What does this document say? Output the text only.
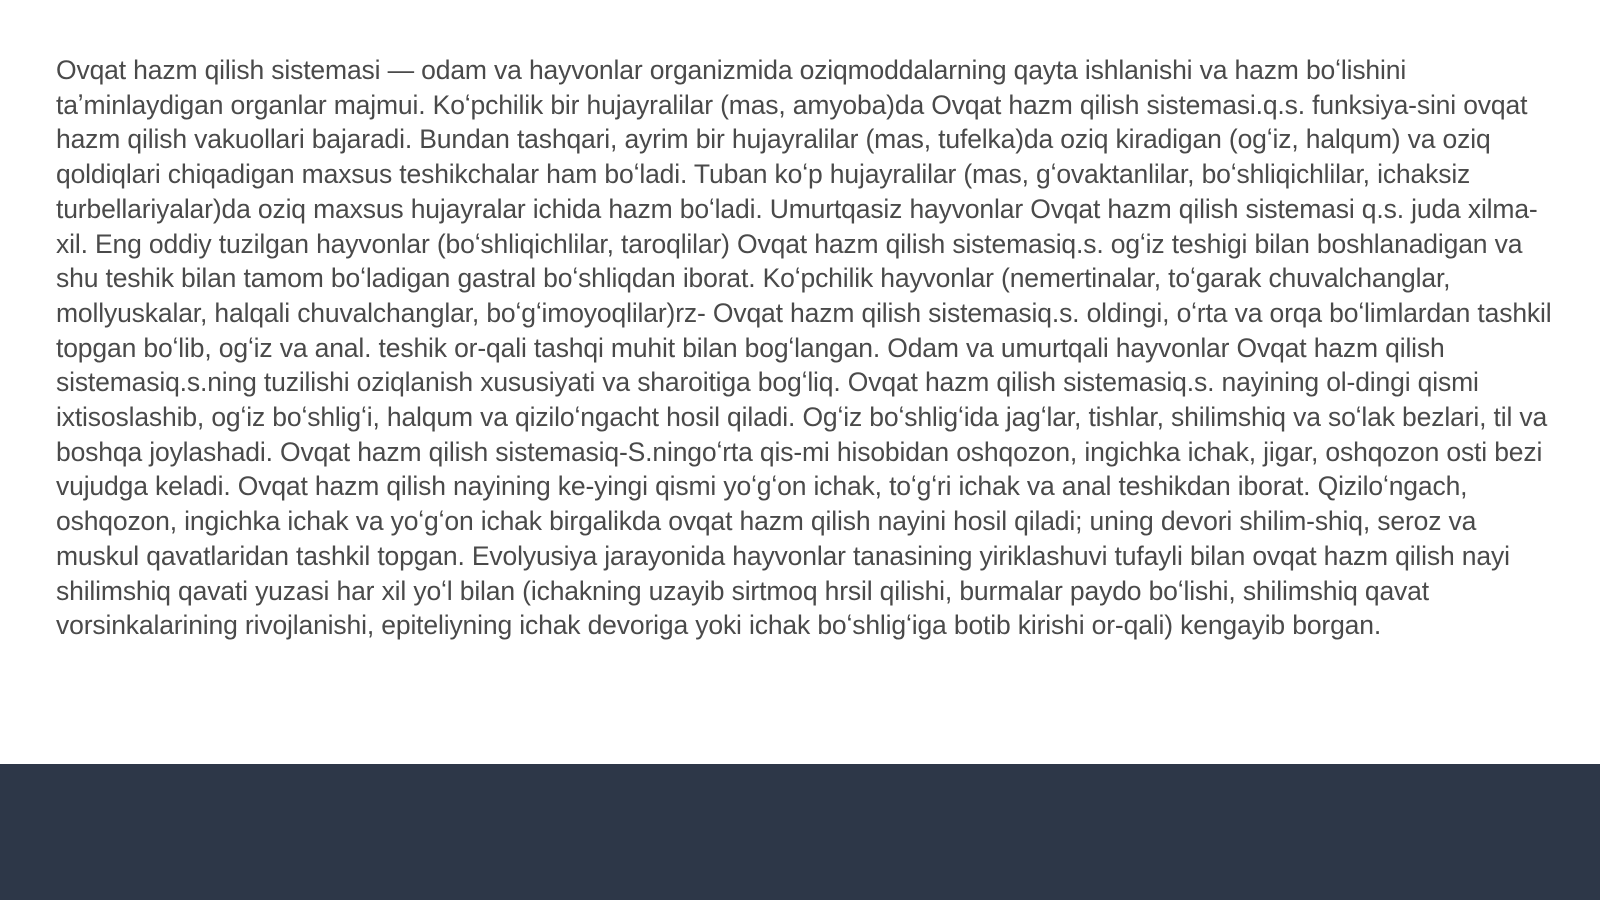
Ovqat hazm qilish sistemasi — odam va hayvonlar organizmida oziqmoddalarning qayta ishlanishi va hazm boʻlishini taʼminlaydigan organlar majmui. Koʻpchilik bir hujayralilar (mas, amyoba)da Ovqat hazm qilish sistemasi.q.s. funksiya-sini ovqat hazm qilish vakuollari bajaradi. Bundan tashqari, ayrim bir hujayralilar (mas, tufelka)da oziq kiradigan (ogʻiz, halqum) va oziq qoldiqlari chiqadigan maxsus teshikchalar ham boʻladi. Tuban koʻp hujayralilar (mas, gʻovaktanlilar, boʻshliqichlilar, ichaksiz turbellariyalar)da oziq maxsus hujayralar ichida hazm boʻladi. Umurtqasiz hayvonlar Ovqat hazm qilish sistemasi q.s. juda xilma-xil. Eng oddiy tuzilgan hayvonlar (boʻshliqichlilar, taroqlilar) Ovqat hazm qilish sistemasiq.s. ogʻiz teshigi bilan boshlanadigan va shu teshik bilan tamom boʻladigan gastral boʻshliqdan iborat. Koʻpchilik hayvonlar (nemertinalar, toʻgarak chuvalchanglar, mollyuskalar, halqali chuvalchanglar, boʻgʻimoyoqlilar)rz- Ovqat hazm qilish sistemasiq.s. oldingi, oʻrta va orqa boʻlimlardan tashkil topgan boʻlib, ogʻiz va anal. teshik or-qali tashqi muhit bilan bogʻlangan. Odam va umurtqali hayvonlar Ovqat hazm qilish sistemasiq.s.ning tuzilishi oziqlanish xususiyati va sharoitiga bogʻliq. Ovqat hazm qilish sistemasiq.s. nayining ol-dingi qismi ixtisoslashib, ogʻiz boʻshligʻi, halqum va qiziloʻngacht hosil qiladi. Ogʻiz boʻshligʻida jagʻlar, tishlar, shilimshiq va soʻlak bezlari, til va boshqa joylashadi. Ovqat hazm qilish sistemasiq-S.ningoʻrta qis-mi hisobidan oshqozon, ingichka ichak, jigar, oshqozon osti bezi vujudga keladi. Ovqat hazm qilish nayining ke-yingi qismi yoʻgʻon ichak, toʻgʻri ichak va anal teshikdan iborat. Qiziloʻngach, oshqozon, ingichka ichak va yoʻgʻon ichak birgalikda ovqat hazm qilish nayini hosil qiladi; uning devori shilim-shiq, seroz va muskul qavatlaridan tashkil topgan. Evolyusiya jarayonida hayvonlar tanasining yiriklashuvi tufayli bilan ovqat hazm qilish nayi shilimshiq qavati yuzasi har xil yoʻl bilan (ichakning uzayib sirtmoq hrsil qilishi, burmalar paydo boʻlishi, shilimshiq qavat vorsinkalarining rivojlanishi, epiteliyning ichak devoriga yoki ichak boʻshligʻiga botib kirishi or-qali) kengayib borgan.
